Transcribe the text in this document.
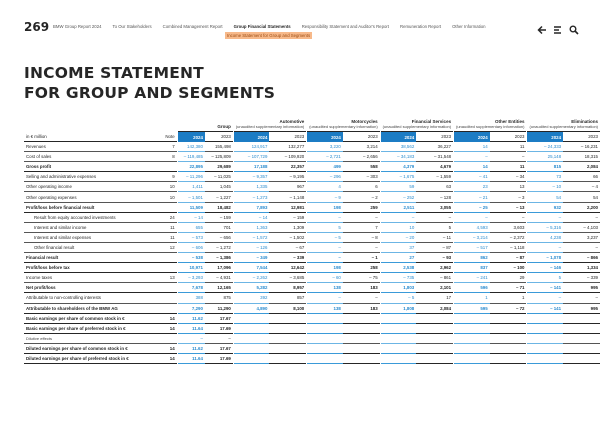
269 BMW Group Report 2024	To Our Stakeholders	Combined Management Report	Group Financial Statements	Responsibility Statement and Auditor's Report	Remuneration Report	Other Information
Income Statement for Group and Segments
INCOME STATEMENT
FOR GROUP AND SEGMENTS

			Group		Automotive
(unaudited supplementary information)		Motorcycles
(unaudited supplementary information)		Financial Services
(unaudited supplementary information)		Other Entities
(unaudited supplementary information)		Eliminations
(unaudited supplementary information)	

in € million	Note		2024	2023		2024	2023		2024	2023		2024	2023		2024	2023		2024	2023
Revenues	7		142,380	155,498		124,917	132,277		3,220	3,214		38,562	36,227		14	11		– 24,333	– 16,231
Cost of sales	8		– 119,485	– 125,809		– 107,729	– 109,920		– 2,721	– 2,656		– 34,183	– 31,548		–	–		25,148	18,315
Gross profit			22,895	29,689		17,188	22,357		499	558		4,379	4,679		14	11		815	2,084
Selling and administrative expenses	9		– 11,296	– 11,025		– 9,357	– 9,195		– 296	– 303		– 1,675	– 1,559		– 41	– 34		73	66
Other operating income	10		1,411	1,045		1,335	967		4	6		59	63		23	13		– 10	– 4
Other operating expenses	10		– 1,501	– 1,227		– 1,273	– 1,148		– 9	– 2		– 252	– 128		– 21	– 3		54	54
Profit/loss before financial result			11,509	18,482		7,893	12,981		198	259		2,511	3,055		– 25	– 13		932	2,200
Result from equity accounted investments	24		– 14	– 159		– 14	– 159		–	–		–	–		–	–		–	–
Interest and similar income	11		655	701		1,363	1,309		5	7		10	5		4,593	3,603		– 5,316	– 4,103
Interest and similar expenses	11		– 573	– 656		– 1,572	– 1,502		– 5	– 8		– 20	– 11		– 3,214	– 2,372		4,238	3,237
Other financial result	12		– 606	– 1,272		– 126	– 67		–	–		37	– 87		– 517	– 1,118		–	–
Financial result			– 538	– 1,386		– 349	– 339		–	– 1		27	– 93		862	– 87		– 1,078	– 866
Profit/loss before tax			10,971	17,096		7,544	12,642		198	258		2,538	2,962		837	– 100		– 146	1,334
Income taxes	13		– 3,293	– 4,931		– 2,262	– 3,685		– 60	– 75		– 735	– 861		– 241	29		5	– 339
Net profit/loss			7,678	12,165		5,282	8,957		138	183		1,803	2,101		596	– 71		– 141	995
Attributable to non-controlling interests			388	875		392	857		–	–		– 5	17		1	1		–	–
Attributable to shareholders of the BMW AG			7,290	11,290		4,890	8,100		138	183		1,808	2,084		595	– 72		– 141	995
Basic earnings per share of common stock in €	14		11.62	17.67															
Basic earnings per share of preferred stock in €	14		11.64	17.69															
Dilutive effects			–	–															
Diluted earnings per share of common stock in €	14		11.62	17.67															
Diluted earnings per share of preferred stock in €	14		11.64	17.69															
